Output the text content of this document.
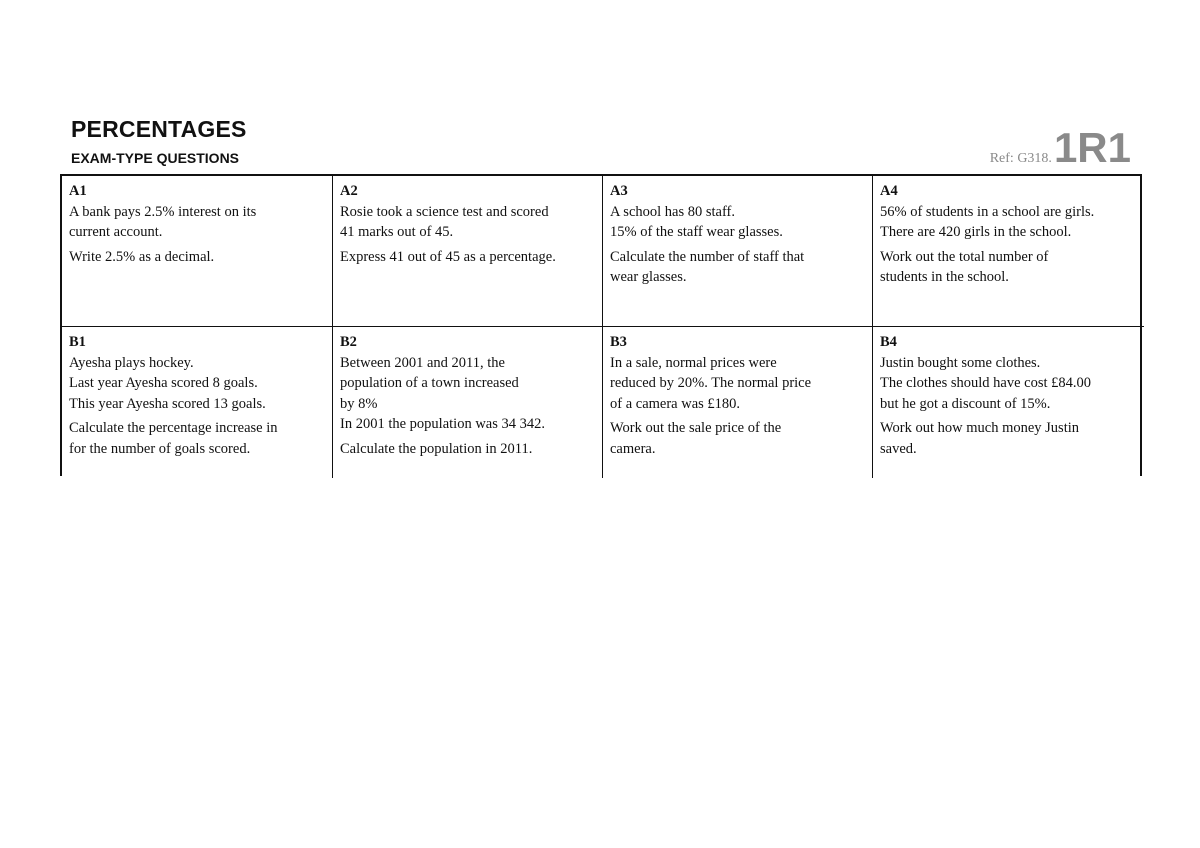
PERCENTAGES
EXAM-TYPE QUESTIONS	Ref: G318. 1R1

A1

A bank pays 2.5% interest on its
current account.

Write 2.5% as a decimal.

A2

Rosie took a science test and scored
41 marks out of 45.

Express 41 out of 45 as a percentage.

A3

A school has 80 staff.
15% of the staff wear glasses.

Calculate the number of staff that
wear glasses.

A4

56% of students in a school are girls.
There are 420 girls in the school.

Work out the total number of
students in the school.

B1

Ayesha plays hockey.
Last year Ayesha scored 8 goals.
This year Ayesha scored 13 goals.

Calculate the percentage increase in
for the number of goals scored.

B2

Between 2001 and 2011, the
population of a town increased
by 8%
In 2001 the population was 34 342.

Calculate the population in 2011.

B3

In a sale, normal prices were
reduced by 20%. The normal price
of a camera was £180.

Work out the sale price of the
camera.

B4

Justin bought some clothes.
The clothes should have cost £84.00
but he got a discount of 15%.

Work out how much money Justin
saved.
